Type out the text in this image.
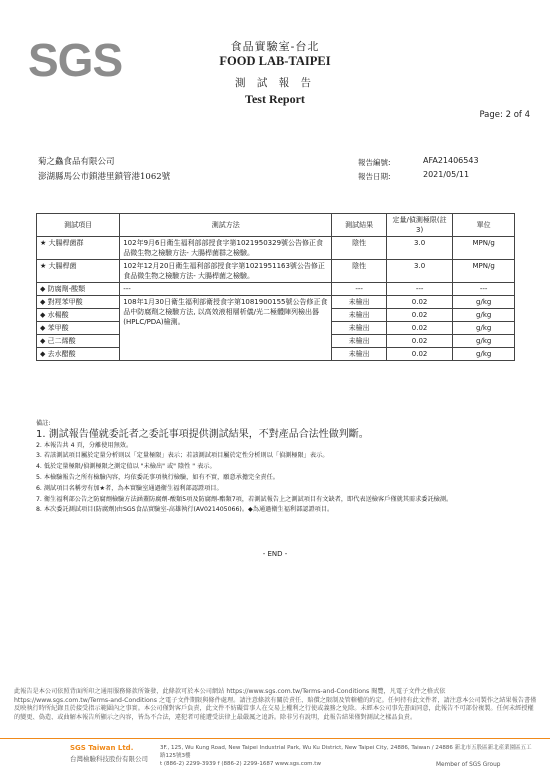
SGS	食品實驗室-台北
FOOD LAB-TAIPEI
測 試 報 告
Test Report
Page: 2 of 4
菊之鱻食品有限公司
澎湖縣馬公市鎖港里鎖管港1062號
報告編號:	AFA21406543
報告日期:	2021/05/11
測試項目	測試方法	測試結果	定量/偵測極限(註3)	單位
★ 大腸桿菌群	102年9月6日衛生福利部部授食字第1021950329號公告修正食品微生物之檢驗方法- 大腸桿菌群之檢驗。	陰性	3.0	MPN/g
★ 大腸桿菌	102年12月20日衛生福利部部授食字第1021951163號公告修正食品微生物之檢驗方法- 大腸桿菌之檢驗。	陰性	3.0	MPN/g
◆ 防腐劑-酸類	---	---	---	---
◆ 對羥苯甲酸	108年1月30日衛生福利部衛授食字第1081900155號公告修正食品中防腐劑之檢驗方法, 以高效液相層析儀/光二極體陣列檢出器(HPLC/PDA)檢測。	未檢出	0.02	g/kg
◆ 水楊酸		未檢出	0.02	g/kg
◆ 苯甲酸		未檢出	0.02	g/kg
◆ 己二烯酸		未檢出	0.02	g/kg
◆ 去水醋酸		未檢出	0.02	g/kg
備註:
1. 測試報告僅就委託者之委託事項提供測試結果，不對產品合法性做判斷。
2. 本報告共 4 頁，分離使用無效。
3. 若該測試項目屬於定量分析則以「定量極限」表示；若該測試項目屬於定性分析則以「偵測極限」表示。
4. 低於定量極限/偵測極限之測定值以 "未檢出" 或" 陰性 " 表示。
5. 本檢驗報告之所有檢驗內容，均依委託事項執行檢驗，如有不實，願意承擔完全責任。
6. 測試項目名稱旁有加★者，為本實驗室通過衛生福利部認證項目。
7. 衛生福利部公告之防腐劑檢驗方法涵蓋防腐劑-酸類5項及防腐劑-酯類7項，若測試報告上之測試項目有文缺者，即代表送檢客戶僅就其需求委託檢測。
8. 本次委託測試項目(防腐劑)由SGS食品實驗室-高雄執行(AV021405066)。◆為通過衛生福利部認證項目。
- END -
此報告是本公司依照背面所印之通用服務條款所簽發，此條款可於本公司網站 https://www.sgs.com.tw/Terms-and-Conditions 閱覽，凡電子文件之格式依https://www.sgs.com.tw/Terms-and-Conditions 之電子文件期限與條件處理。請注意條款有關於責任、賠償之限制及管轄權的約定。任何持有此文件者，請注意本公司製作之結果報告書僅反映執行時所紀錄且於接受指示範圍內之事實。本公司僅對客戶負責，此文件不妨礙當事人在交易上權利之行使或義務之免除。未經本公司事先書面同意，此報告不可部份複製。任何未經授權的變更、偽造、或曲解本報告所顯示之內容，皆為不合法，違犯者可能遭受法律上最嚴厲之追訴。除非另有說明，此報告結果僅對測試之樣品負責。
SGS Taiwan Ltd.
台灣檢驗科技股份有限公司
3F., 125, Wu Kung Road, New Taipei Industrial Park, Wu Ku District, New Taipei City, 24886, Taiwan / 24886 新北市五股區新北產業園區五工路125號3樓
t (886-2) 2299-3939 f (886-2) 2299-1687 www.sgs.com.tw	Member of SGS Group
